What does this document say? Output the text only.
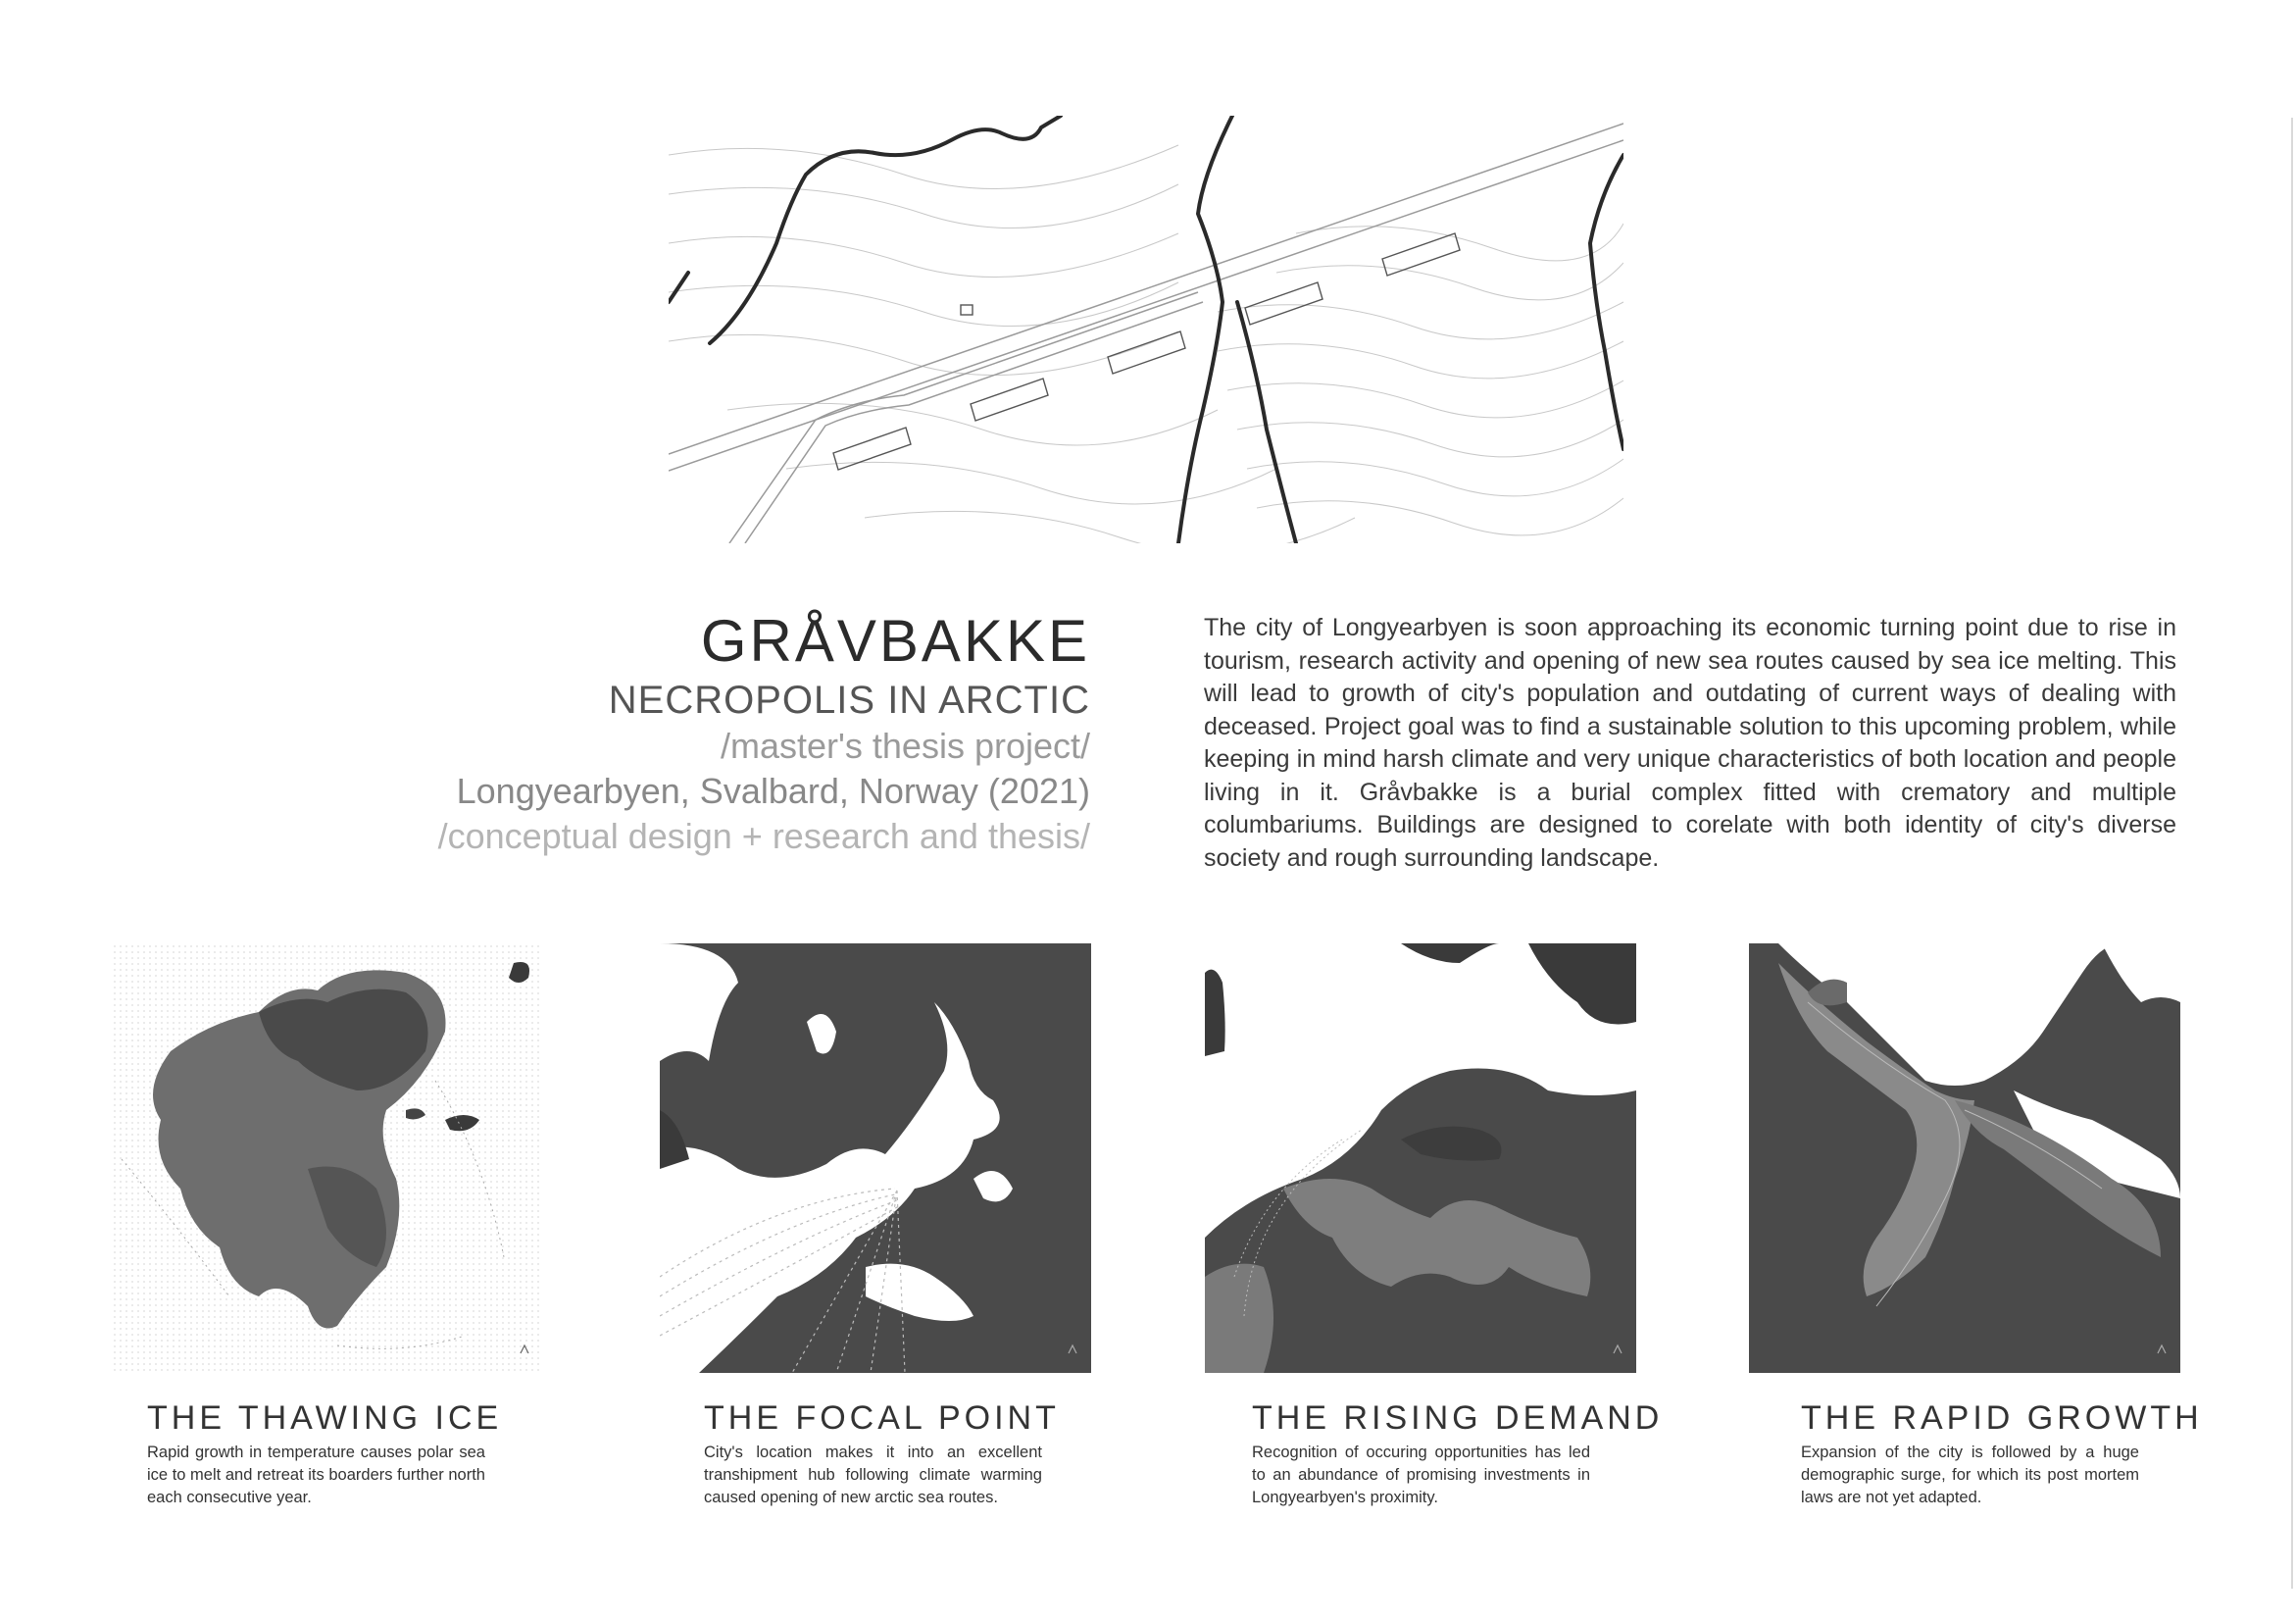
GRÅVBAKKE
NECROPOLIS IN ARCTIC
/master's thesis project/
Longyearbyen, Svalbard, Norway (2021)
/conceptual design + research and thesis/
The city of Longyearbyen is soon approaching its economic turning point due to rise in tourism, research activity and opening of new sea routes caused by sea ice melting. This will lead to growth of city's population and outdating of current ways of dealing with deceased. Project goal was to find a sustainable solution to this upcoming problem, while keeping in mind harsh climate and very unique characteristics of both location and people living in it. Gråvbakke is a burial complex fitted with crematory and multiple columbariums. Buildings are designed to corelate with both identity of city's diverse society and rough surrounding landscape.
THE THAWING ICE
Rapid growth in temperature causes polar sea ice to melt and retreat its boarders further north each consecutive year.
THE FOCAL POINT
City's location makes it into an excellent transhipment hub following climate warming caused opening of new arctic sea routes.
THE RISING DEMAND
Recognition of occuring opportunities has led to an abundance of promising investments in Longyearbyen's proximity.
THE RAPID GROWTH
Expansion of the city is followed by a huge demographic surge, for which its post mortem laws are not yet adapted.
